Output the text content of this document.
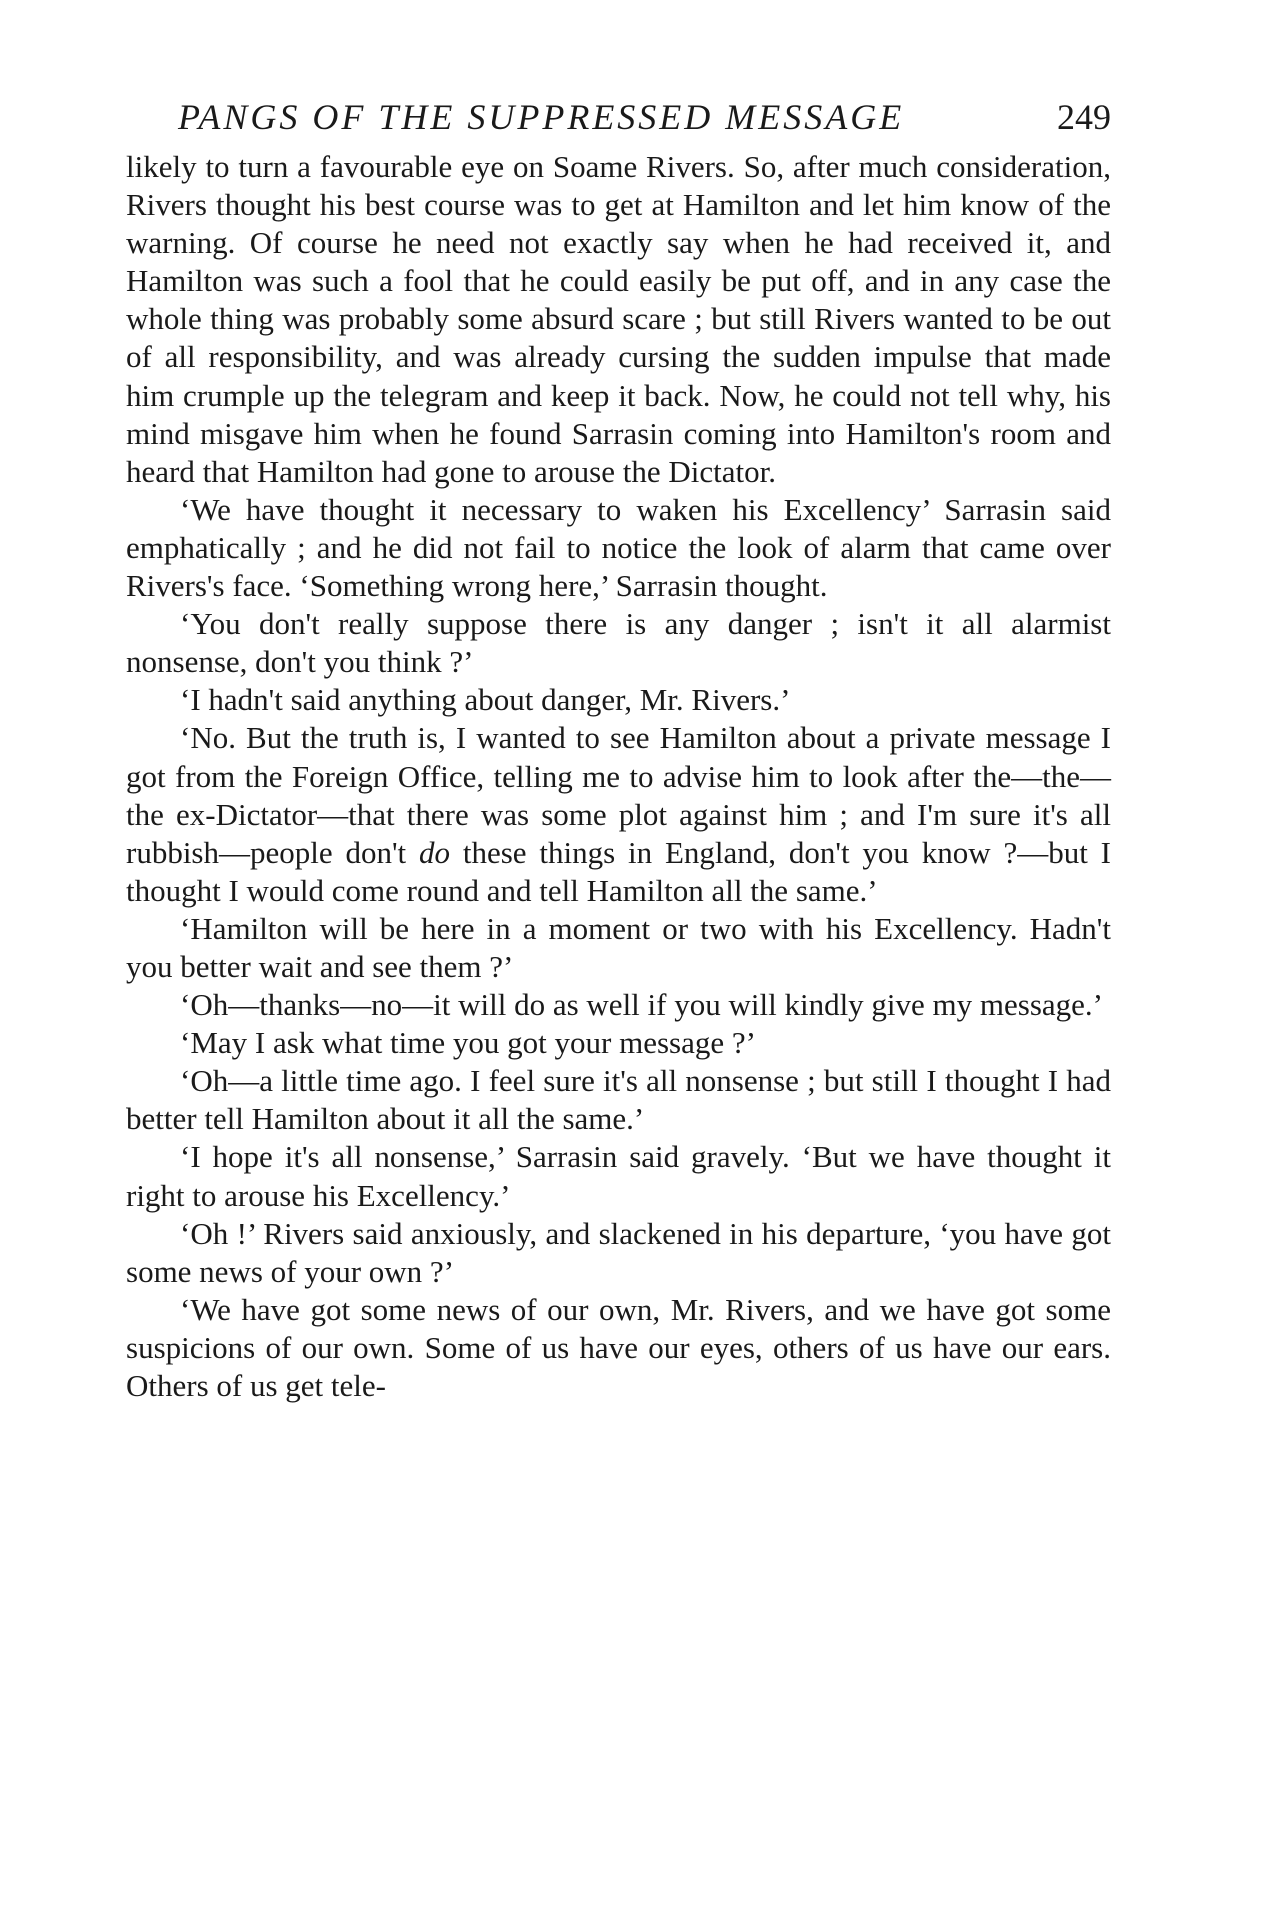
PANGS OF THE SUPPRESSED MESSAGE	249

likely to turn a favourable eye on Soame Rivers. So, after much consideration, Rivers thought his best course was to get at Hamilton and let him know of the warning. Of course he need not exactly say when he had received it, and Hamilton was such a fool that he could easily be put off, and in any case the whole thing was probably some absurd scare ; but still Rivers wanted to be out of all responsibility, and was already cursing the sudden impulse that made him crumple up the telegram and keep it back. Now, he could not tell why, his mind misgave him when he found Sarrasin coming into Hamilton's room and heard that Hamilton had gone to arouse the Dictator.

‘We have thought it necessary to waken his Excellency’ Sarrasin said emphatically ; and he did not fail to notice the look of alarm that came over Rivers's face. ‘Something wrong here,’ Sarrasin thought.

‘You don't really suppose there is any danger ; isn't it all alarmist nonsense, don't you think ?’

‘I hadn't said anything about danger, Mr. Rivers.’

‘No. But the truth is, I wanted to see Hamilton about a private message I got from the Foreign Office, telling me to advise him to look after the—the—the ex-Dictator—that there was some plot against him ; and I'm sure it's all rubbish—people don't do these things in England, don't you know ?—but I thought I would come round and tell Hamilton all the same.’

‘Hamilton will be here in a moment or two with his Excellency. Hadn't you better wait and see them ?’

‘Oh—thanks—no—it will do as well if you will kindly give my message.’

‘May I ask what time you got your message ?’

‘Oh—a little time ago. I feel sure it's all nonsense ; but still I thought I had better tell Hamilton about it all the same.’

‘I hope it's all nonsense,’ Sarrasin said gravely. ‘But we have thought it right to arouse his Excellency.’

‘Oh !’ Rivers said anxiously, and slackened in his departure, ‘you have got some news of your own ?’

‘We have got some news of our own, Mr. Rivers, and we have got some suspicions of our own. Some of us have our eyes, others of us have our ears. Others of us get tele-
